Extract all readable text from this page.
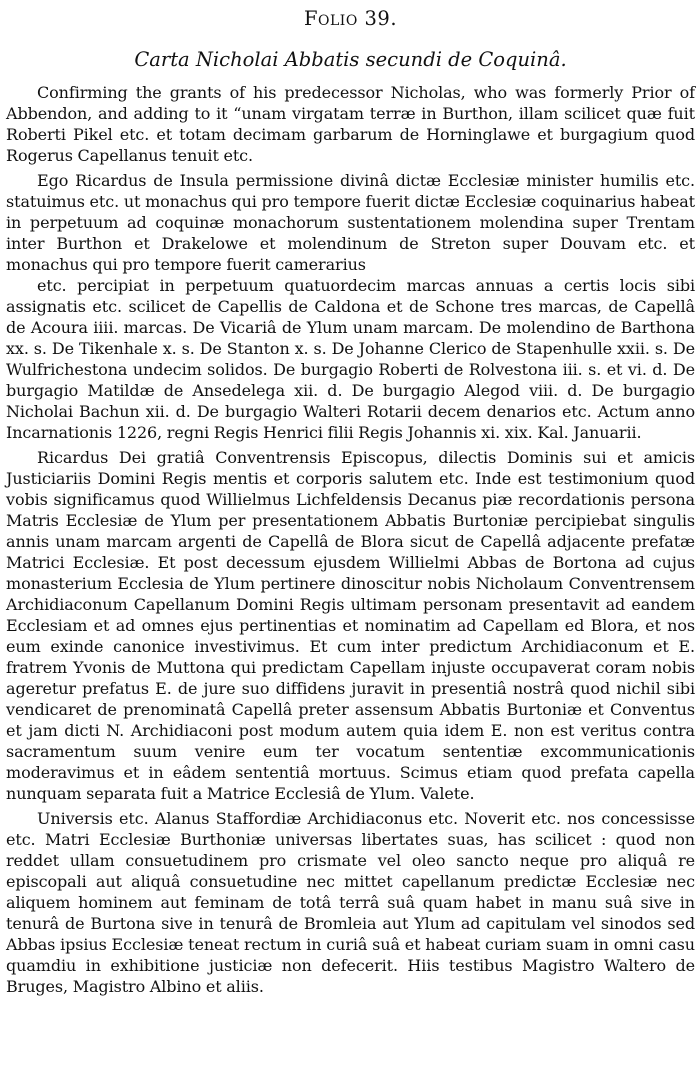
Folio 39.
Carta Nicholai Abbatis secundi de Coquinâ.

Confirming the grants of his predecessor Nicholas, who was formerly Prior of Abbendon, and adding to it “unam virgatam terræ in Burthon, illam scilicet quæ fuit Roberti Pikel etc. et totam decimam garbarum de Horninglawe et burgagium quod Rogerus Capellanus tenuit etc.

Ego Ricardus de Insula permissione divinâ dictæ Ecclesiæ minister humilis etc. statuimus etc. ut monachus qui pro tempore fuerit dictæ Ecclesiæ coquinarius habeat in perpetuum ad coquinæ monachorum sustentationem molendina super Trentam inter Burthon et Drakelowe et molendinum de Streton super Douvam etc. et monachus qui pro tempore fuerit camerarius

etc. percipiat in perpetuum quatuordecim marcas annuas a certis locis sibi assignatis etc. scilicet de Capellis de Caldona et de Schone tres marcas, de Capellâ de Acoura iiii. marcas. De Vicariâ de Ylum unam marcam. De molendino de Barthona xx. s. De Tikenhale x. s. De Stanton x. s. De Johanne Clerico de Stapenhulle xxii. s. De Wulfrichestona undecim solidos. De burgagio Roberti de Rolvestona iii. s. et vi. d. De burgagio Matildæ de Ansedelega xii. d. De burgagio Alegod viii. d. De burgagio Nicholai Bachun xii. d. De burgagio Walteri Rotarii decem denarios etc. Actum anno Incarnationis 1226, regni Regis Henrici filii Regis Johannis xi. xix. Kal. Januarii.

Ricardus Dei gratiâ Conventrensis Episcopus, dilectis Dominis sui et amicis Justiciariis Domini Regis mentis et corporis salutem etc. Inde est testimonium quod vobis significamus quod Willielmus Lichfeldensis Decanus piæ recordationis persona Matris Ecclesiæ de Ylum per presentationem Abbatis Burtoniæ percipiebat singulis annis unam marcam argenti de Capellâ de Blora sicut de Capellâ adjacente prefatæ Matrici Ecclesiæ. Et post decessum ejusdem Willielmi Abbas de Bortona ad cujus monasterium Ecclesia de Ylum pertinere dinoscitur nobis Nicholaum Conventrensem Archidiaconum Capellanum Domini Regis ultimam personam presentavit ad eandem Ecclesiam et ad omnes ejus pertinentias et nominatim ad Capellam ed Blora, et nos eum exinde canonice investivimus. Et cum inter predictum Archidiaconum et E. fratrem Yvonis de Muttona qui predictam Capellam injuste occupaverat coram nobis ageretur prefatus E. de jure suo diffidens juravit in presentiâ nostrâ quod nichil sibi vendicaret de prenominatâ Capellâ preter assensum Abbatis Burtoniæ et Conventus et jam dicti N. Archidiaconi post modum autem quia idem E. non est veritus contra sacramentum suum venire eum ter vocatum sententiæ excommunicationis moderavimus et in eâdem sententiâ mortuus. Scimus etiam quod prefata capella nunquam separata fuit a Matrice Ecclesiâ de Ylum. Valete.

Universis etc. Alanus Staffordiæ Archidiaconus etc. Noverit etc. nos concessisse etc. Matri Ecclesiæ Burthoniæ universas libertates suas, has scilicet : quod non reddet ullam consuetudinem pro crismate vel oleo sancto neque pro aliquâ re episcopali aut aliquâ consuetudine nec mittet capellanum predictæ Ecclesiæ nec aliquem hominem aut feminam de totâ terrâ suâ quam habet in manu suâ sive in tenurâ de Burtona sive in tenurâ de Bromleia aut Ylum ad capitulam vel sinodos sed Abbas ipsius Ecclesiæ teneat rectum in curiâ suâ et habeat curiam suam in omni casu quamdiu in exhibitione justiciæ non defecerit. Hiis testibus Magistro Waltero de Bruges, Magistro Albino et aliis.
